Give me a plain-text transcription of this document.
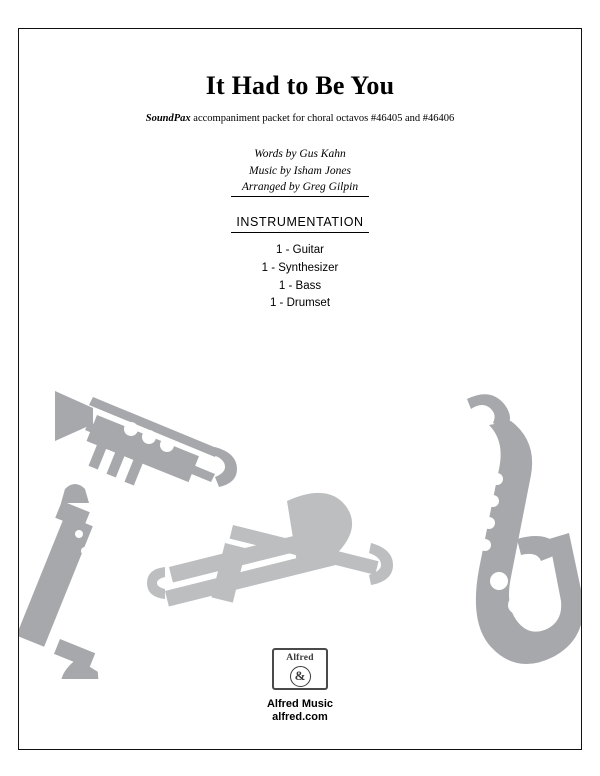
It Had to Be You
SoundPax accompaniment packet for choral octavos #46405 and #46406
Words by Gus Kahn
Music by Isham Jones
Arranged by Greg Gilpin
INSTRUMENTATION
1 - Guitar
1 - Synthesizer
1 - Bass
1 - Drumset
Alfred
&
Alfred Music
alfred.com
